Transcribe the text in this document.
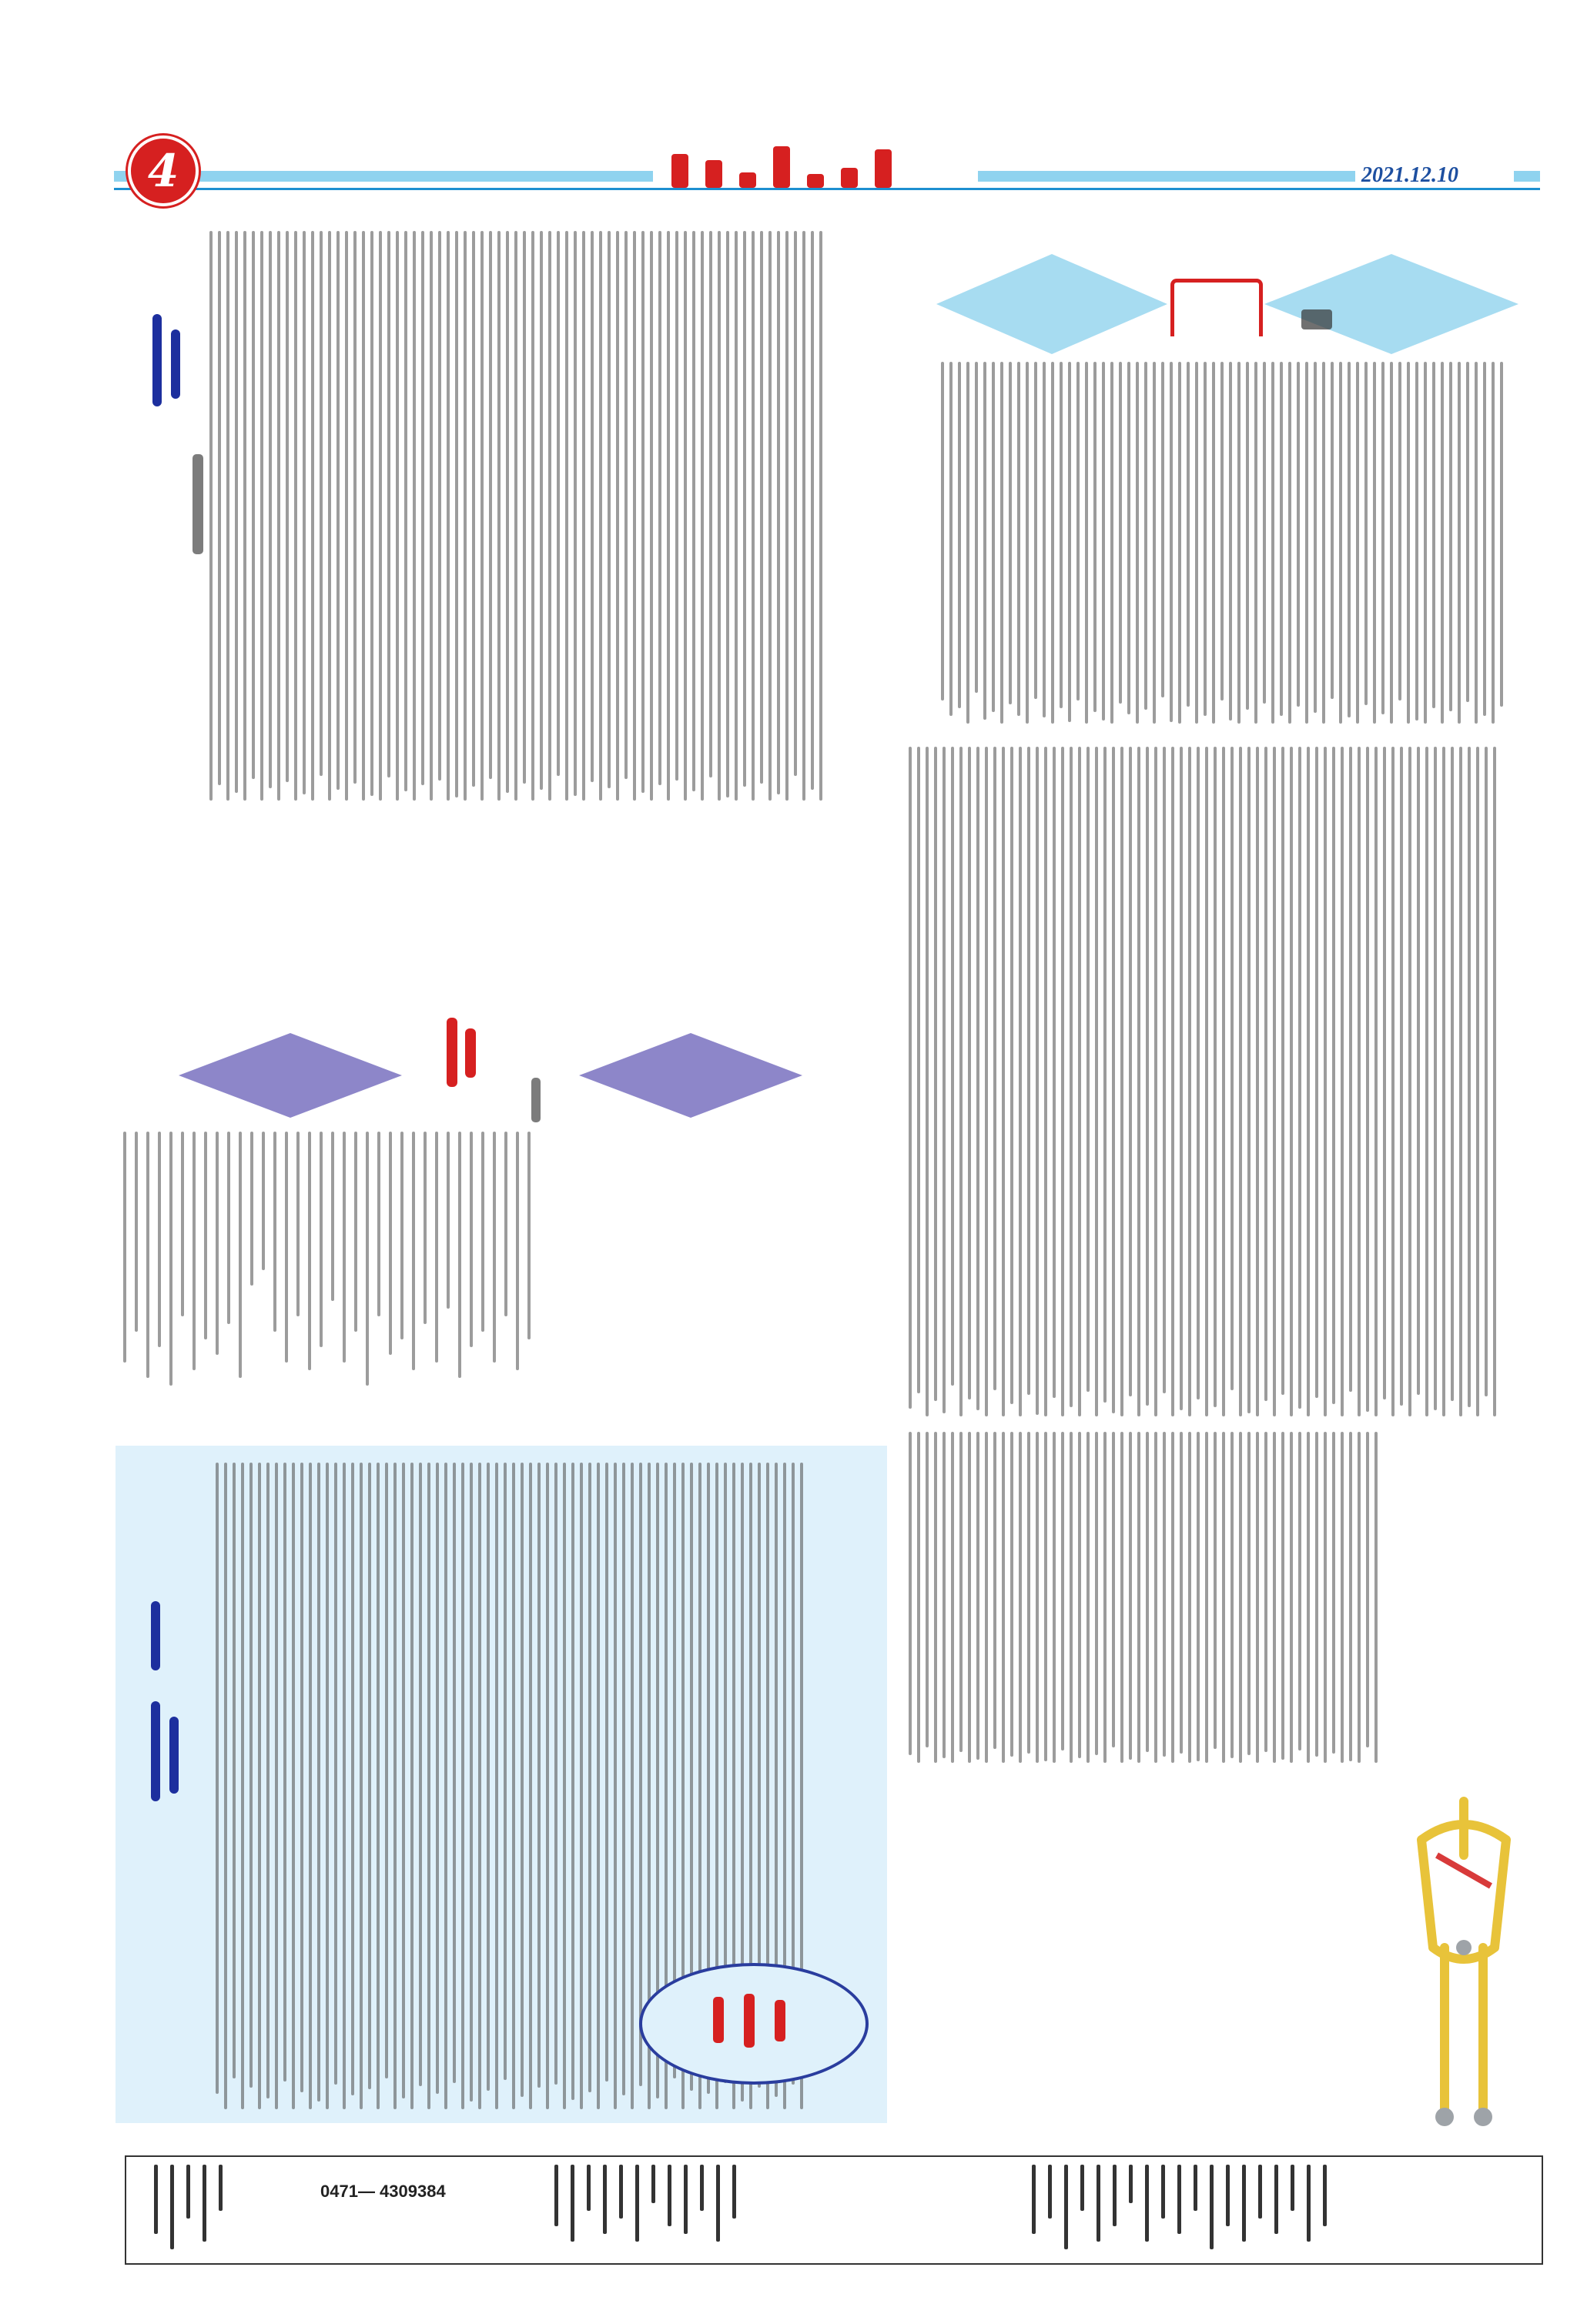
4	2021.12.10
0471— 4309384
